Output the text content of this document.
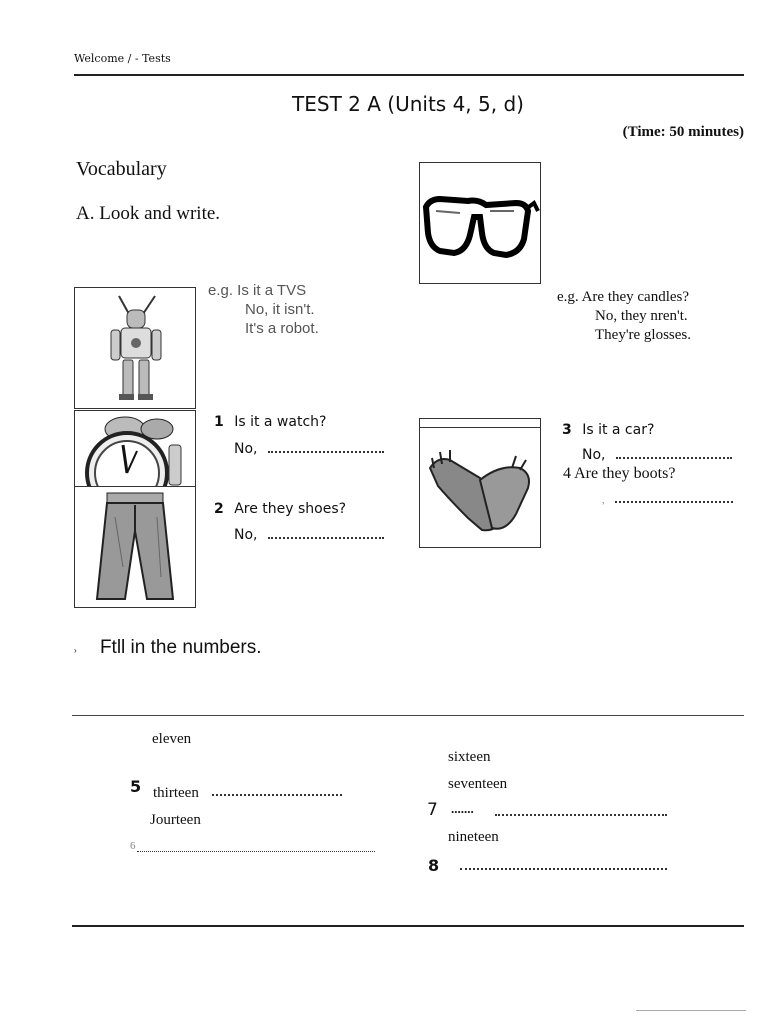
Welcome / - Tests
TEST 2 A (Units 4, 5, d)
(Time: 50 minutes)
Vocabulary
A. Look and write.
e.g. Is it a TVS
No, it isn't.
It's a robot.
e.g. Are they candles?
No, they nren't.
They're glosses.
1 Is it a watch?
No,
2 Are they shoes?
No,
3 Is it a car?
No,
4 Are they boots?
,
› Ftll in the numbers.
eleven
5 thirteen
Jourteen
6
sixteen
seventeen
7 .......
nineteen
8
